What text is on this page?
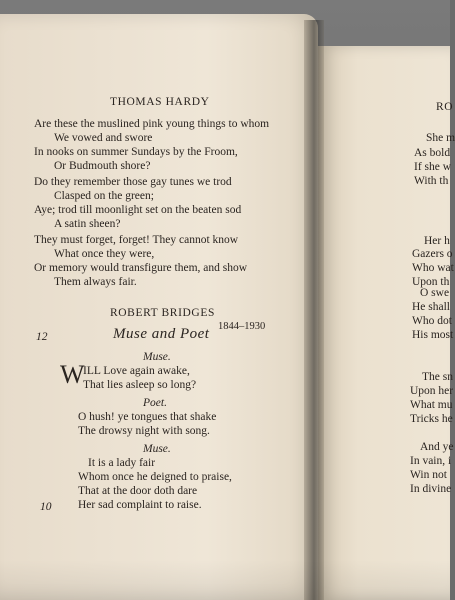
THOMAS HARDY
Are these the muslined pink young things to whom
We vowed and swore
In nooks on summer Sundays by the Froom,
Or Budmouth shore?
Do they remember those gay tunes we trod
Clasped on the green;
Aye; trod till moonlight set on the beaten sod
A satin sheen?
They must forget, forget! They cannot know
What once they were,
Or memory would transfigure them, and show
Them always fair.
ROBERT BRIDGES
1844–1930
12	Muse and Poet
Muse.
W
ILL Love again awake,
That lies asleep so long?
Poet.
O hush! ye tongues that shake
The drowsy night with song.
Muse.
It is a lady fair
Whom once he deigned to praise,
That at the door doth dare
Her sad complaint to raise.
10
RO
She m
As bold
If she w
With th
Her h
Gazers o
Who wat
Upon th
O swe
He shall
Who dot
His most
The sn
Upon her
What mu
Tricks he
And ye
In vain, i
Win not
In divine
